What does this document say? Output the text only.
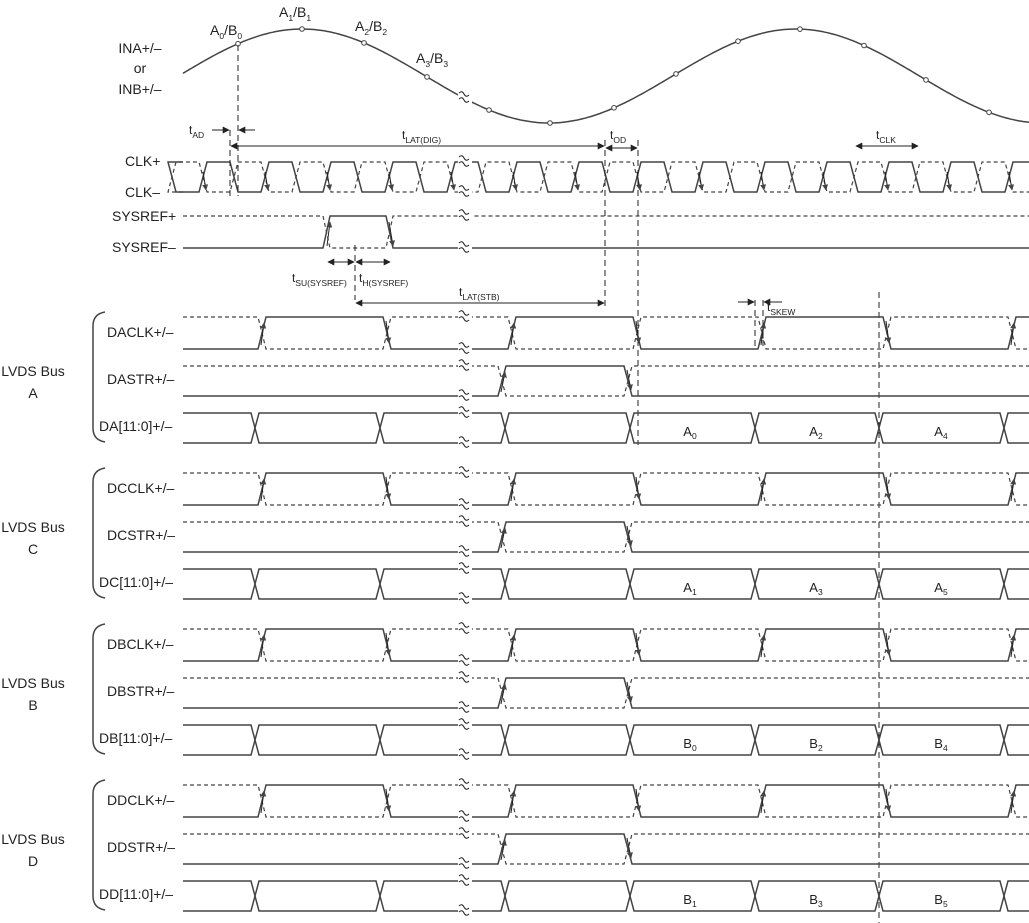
INA+/–
or
INB+/–
$A_0/B_0$
$A_1/B_1$	$A_2/B_2$
$A_3/B_3$
CLK+
CLK–
SYSREF+
SYSREF–
$t_{AD}$	$t_{LAT(DIG)}$	$t_{OD}$	$t_{CLK}$
$t_{SU(SYSREF)}$ $t_{H(SYSREF)}$
$t_{LAT(STB)}$
$t_{SKEW}$
LVDS Bus
A
DACLK+/–
DASTR+/–
DA[11:0]+/–
LVDS Bus
C
DCCLK+/–
DCSTR+/–
DC[11:0]+/–
LVDS Bus
B
DBCLK+/–
DBSTR+/–
DB[11:0]+/–
LVDS Bus
D
DDCLK+/–
DDSTR+/–
DD[11:0]+/–
$A_0$	$A_2$	$A_4$
$A_1$	$A_3$	$A_5$
$B_0$	$B_2$	$B_4$
$B_1$	$B_3$	$B_5$
